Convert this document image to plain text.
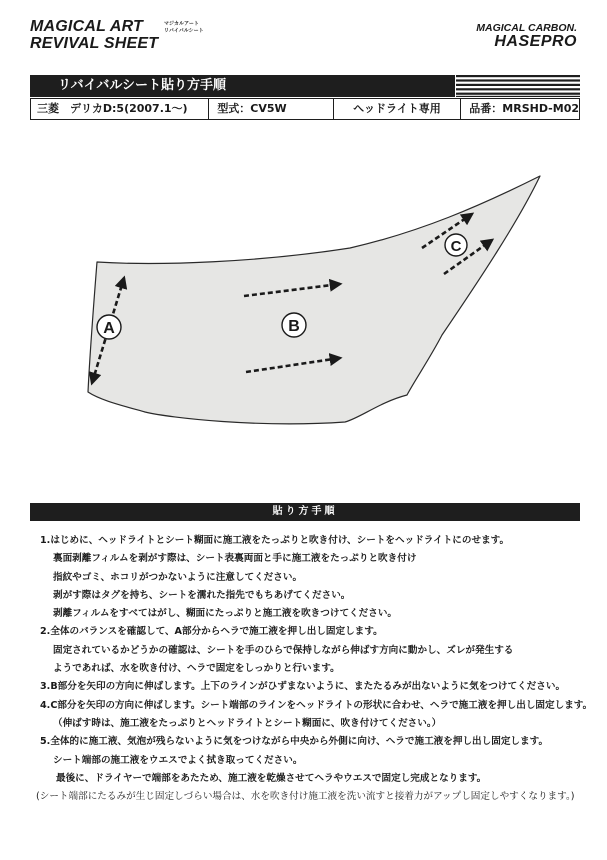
MAGICAL ART
REVIVAL SHEET
マジカルアート
リバイバルシート	MAGICAL CARBON.
HASEPRO
リバイバルシート貼り方手順
三菱　デリカD:5(2007.1〜)	型式：CV5W	ヘッドライト専用	品番：MRSHD-M02
A	B
C
貼り方手順
1.はじめに、ヘッドライトとシート糊面に施工液をたっぷりと吹き付け、シートをヘッドライトにのせます。
裏面剥離フィルムを剥がす際は、シート表裏両面と手に施工液をたっぷりと吹き付け
指紋やゴミ、ホコリがつかないように注意してください。
剥がす際はタグを持ち、シートを濡れた指先でもちあげてください。
剥離フィルムをすべてはがし、糊面にたっぷりと施工液を吹きつけてください。
2.全体のバランスを確認して、A部分からヘラで施工液を押し出し固定します。
固定されているかどうかの確認は、シートを手のひらで保持しながら伸ばす方向に動かし、ズレが発生する
ようであれば、水を吹き付け、ヘラで固定をしっかりと行います。
3.B部分を矢印の方向に伸ばします。上下のラインがひずまないように、またたるみが出ないように気をつけてください。
4.C部分を矢印の方向に伸ばします。シート端部のラインをヘッドライトの形状に合わせ、ヘラで施工液を押し出し固定します。
（伸ばす時は、施工液をたっぷりとヘッドライトとシート糊面に、吹き付けてください。）
5.全体的に施工液、気泡が残らないように気をつけながら中央から外側に向け、ヘラで施工液を押し出し固定します。
シート端部の施工液をウエスでよく拭き取ってください。
最後に、ドライヤーで端部をあたため、施工液を乾燥させてヘラやウエスで固定し完成となります。
(シート端部にたるみが生じ固定しづらい場合は、水を吹き付け施工液を洗い流すと接着力がアップし固定しやすくなります。)
